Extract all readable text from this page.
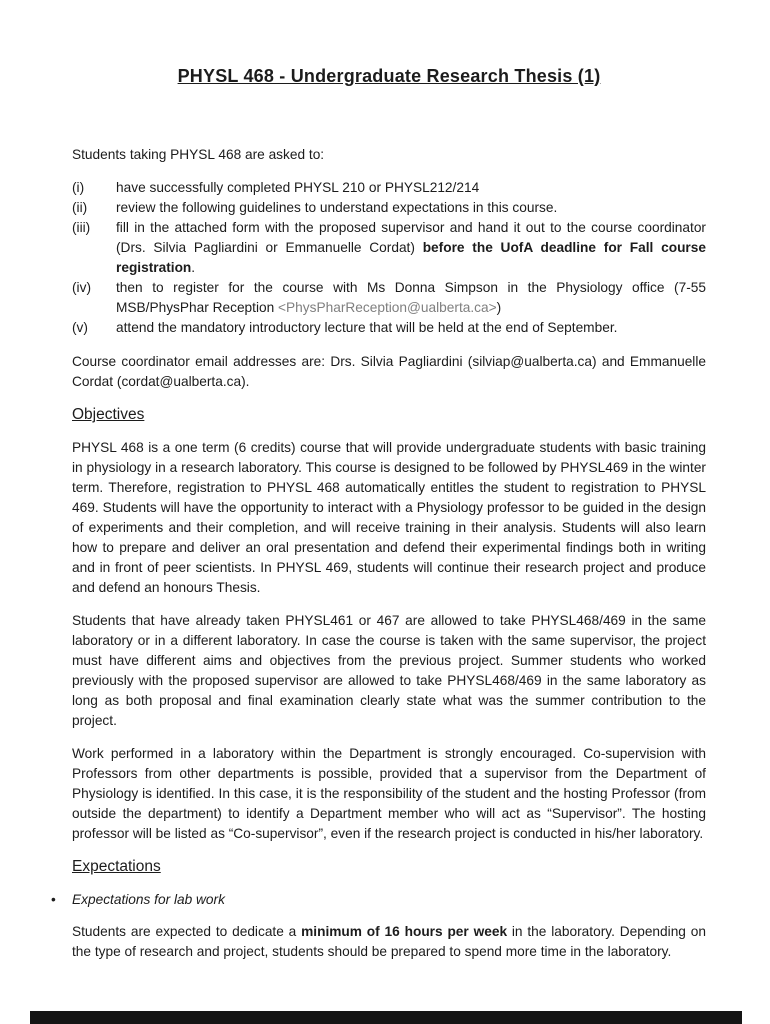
PHYSL 468 - Undergraduate Research Thesis (1)

Students taking PHYSL 468 are asked to:

(i)	have successfully completed PHYSL 210 or PHYSL212/214
(ii)	review the following guidelines to understand expectations in this course.
(iii)	fill in the attached form with the proposed supervisor and hand it out to the course coordinator (Drs. Silvia Pagliardini or Emmanuelle Cordat) before the UofA deadline for Fall course registration.
(iv)	then to register for the course with Ms Donna Simpson in the Physiology office (7-55 MSB/PhysPhar Reception <PhysPharReception@ualberta.ca>)
(v)	attend the mandatory introductory lecture that will be held at the end of September.

Course coordinator email addresses are: Drs. Silvia Pagliardini (silviap@ualberta.ca) and Emmanuelle Cordat (cordat@ualberta.ca).

Objectives

PHYSL 468 is a one term (6 credits) course that will provide undergraduate students with basic training in physiology in a research laboratory. This course is designed to be followed by PHYSL469 in the winter term. Therefore, registration to PHYSL 468 automatically entitles the student to registration to PHYSL 469. Students will have the opportunity to interact with a Physiology professor to be guided in the design of experiments and their completion, and will receive training in their analysis. Students will also learn how to prepare and deliver an oral presentation and defend their experimental findings both in writing and in front of peer scientists. In PHYSL 469, students will continue their research project and produce and defend an honours Thesis.

Students that have already taken PHYSL461 or 467 are allowed to take PHYSL468/469 in the same laboratory or in a different laboratory. In case the course is taken with the same supervisor, the project must have different aims and objectives from the previous project. Summer students who worked previously with the proposed supervisor are allowed to take PHYSL468/469 in the same laboratory as long as both proposal and final examination clearly state what was the summer contribution to the project.

Work performed in a laboratory within the Department is strongly encouraged. Co-supervision with Professors from other departments is possible, provided that a supervisor from the Department of Physiology is identified. In this case, it is the responsibility of the student and the hosting Professor (from outside the department) to identify a Department member who will act as “Supervisor”. The hosting professor will be listed as “Co-supervisor”, even if the research project is conducted in his/her laboratory.

Expectations
•	Expectations for lab work

Students are expected to dedicate a minimum of 16 hours per week in the laboratory. Depending on the type of research and project, students should be prepared to spend more time in the laboratory.
